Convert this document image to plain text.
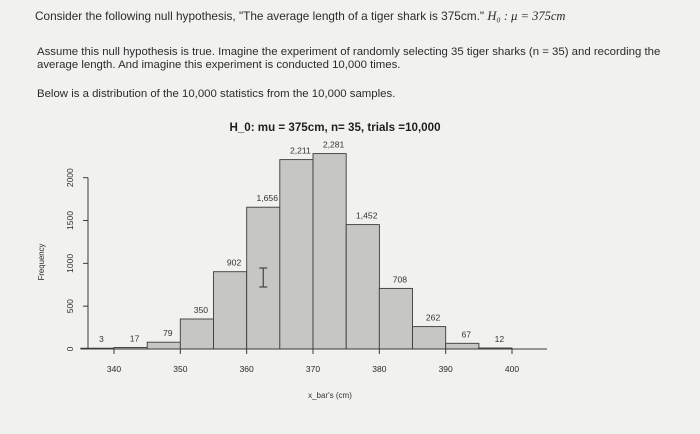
Consider the following null hypothesis, "The average length of a tiger shark is 375cm." H₀ : μ = 375cm

Assume this null hypothesis is true. Imagine the experiment of randomly selecting 35 tiger sharks (n = 35) and recording the average length. And imagine this experiment is conducted 10,000 times.

Below is a distribution of the 10,000 statistics from the 10,000 samples.

H_0: mu = 375cm, n= 35, trials =10,000
3	17
79
350
902
1,656
2,211
2,281
1,452
708
262
67	12
340	350	360	370	380	390	400
0
500
1000
1500
2000
x_bar's (cm)
Frequency
